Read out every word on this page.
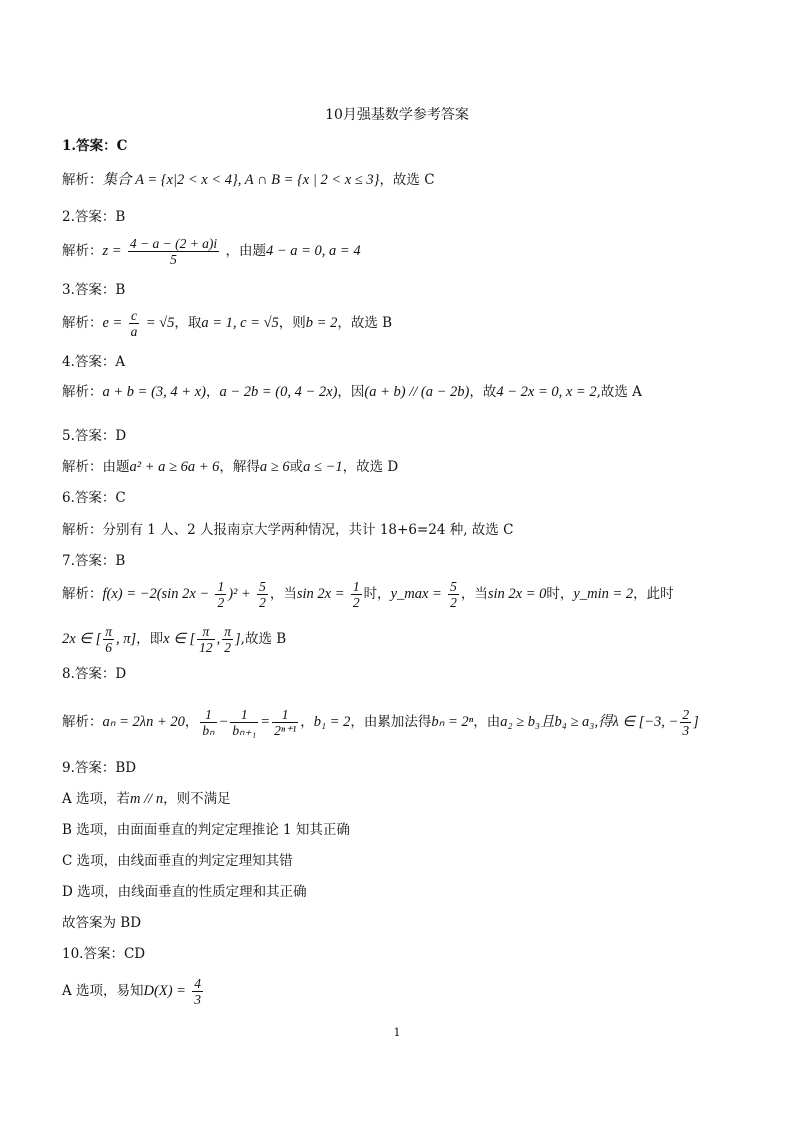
10月强基数学参考答案
1.答案：C
解析：集合 A = {x|2 < x < 4}, A ∩ B = {x | 2 < x ≤ 3}，故选 C
2.答案：B
解析：$z = \frac{4 - a - (2 + a)i}{5}$ ，由题4 − a = 0, a = 4
3.答案：B
解析：$e = \frac{c}{a} = √5$，取a = 1, c = √5，则b = 2，故选 B
4.答案：A
解析：a + b = (3, 4 + x)，a − 2b = (0, 4 − 2x)，因(a + b) // (a − 2b)，故4 − 2x = 0, x = 2,故选 A
5.答案：D
解析：由题a² + a ≥ 6a + 6，解得a ≥ 6或a ≤ −1，故选 D
6.答案：C
解析：分别有 1 人、2 人报南京大学两种情况，共计 18+6=24 种, 故选 C
7.答案：B
解析：f(x) = −2(sin $2x - \frac{1}{2} )^2 + \frac{5}{2}$ ，当$\sin 2x = \frac{1}{2}$ 时，y_max = $\frac{5}{2}$ ，当sin 2x = 0时，y_min = 2，此时
2x ∈ [ $\frac{\pi}{6}$ , π]，即x ∈ [ $\frac{\pi}{12}$ , $\frac{\pi}{2}$ ],故选 B
8.答案：D
解析：aₙ = 2λn + 20， $\frac{1}{\text{bₙ}} - \frac{1}{\text{bₙ₊₁}} = \frac{1}{\text{2ⁿ⁺¹}}$ ，b₁ = 2，由累加法得bₙ = 2ⁿ，由a₂ ≥ b₃且b₄ ≥ a₃,得λ ∈ [−3, − $\frac{2}{3}$ ]
9.答案：BD
A 选项，若m // n，则不满足
B 选项，由面面垂直的判定定理推论 1 知其正确
C 选项，由线面垂直的判定定理知其错
D 选项，由线面垂直的性质定理和其正确
故答案为 BD
10.答案：CD
A 选项，易知$D(X) = \frac{4}{3}$
1
